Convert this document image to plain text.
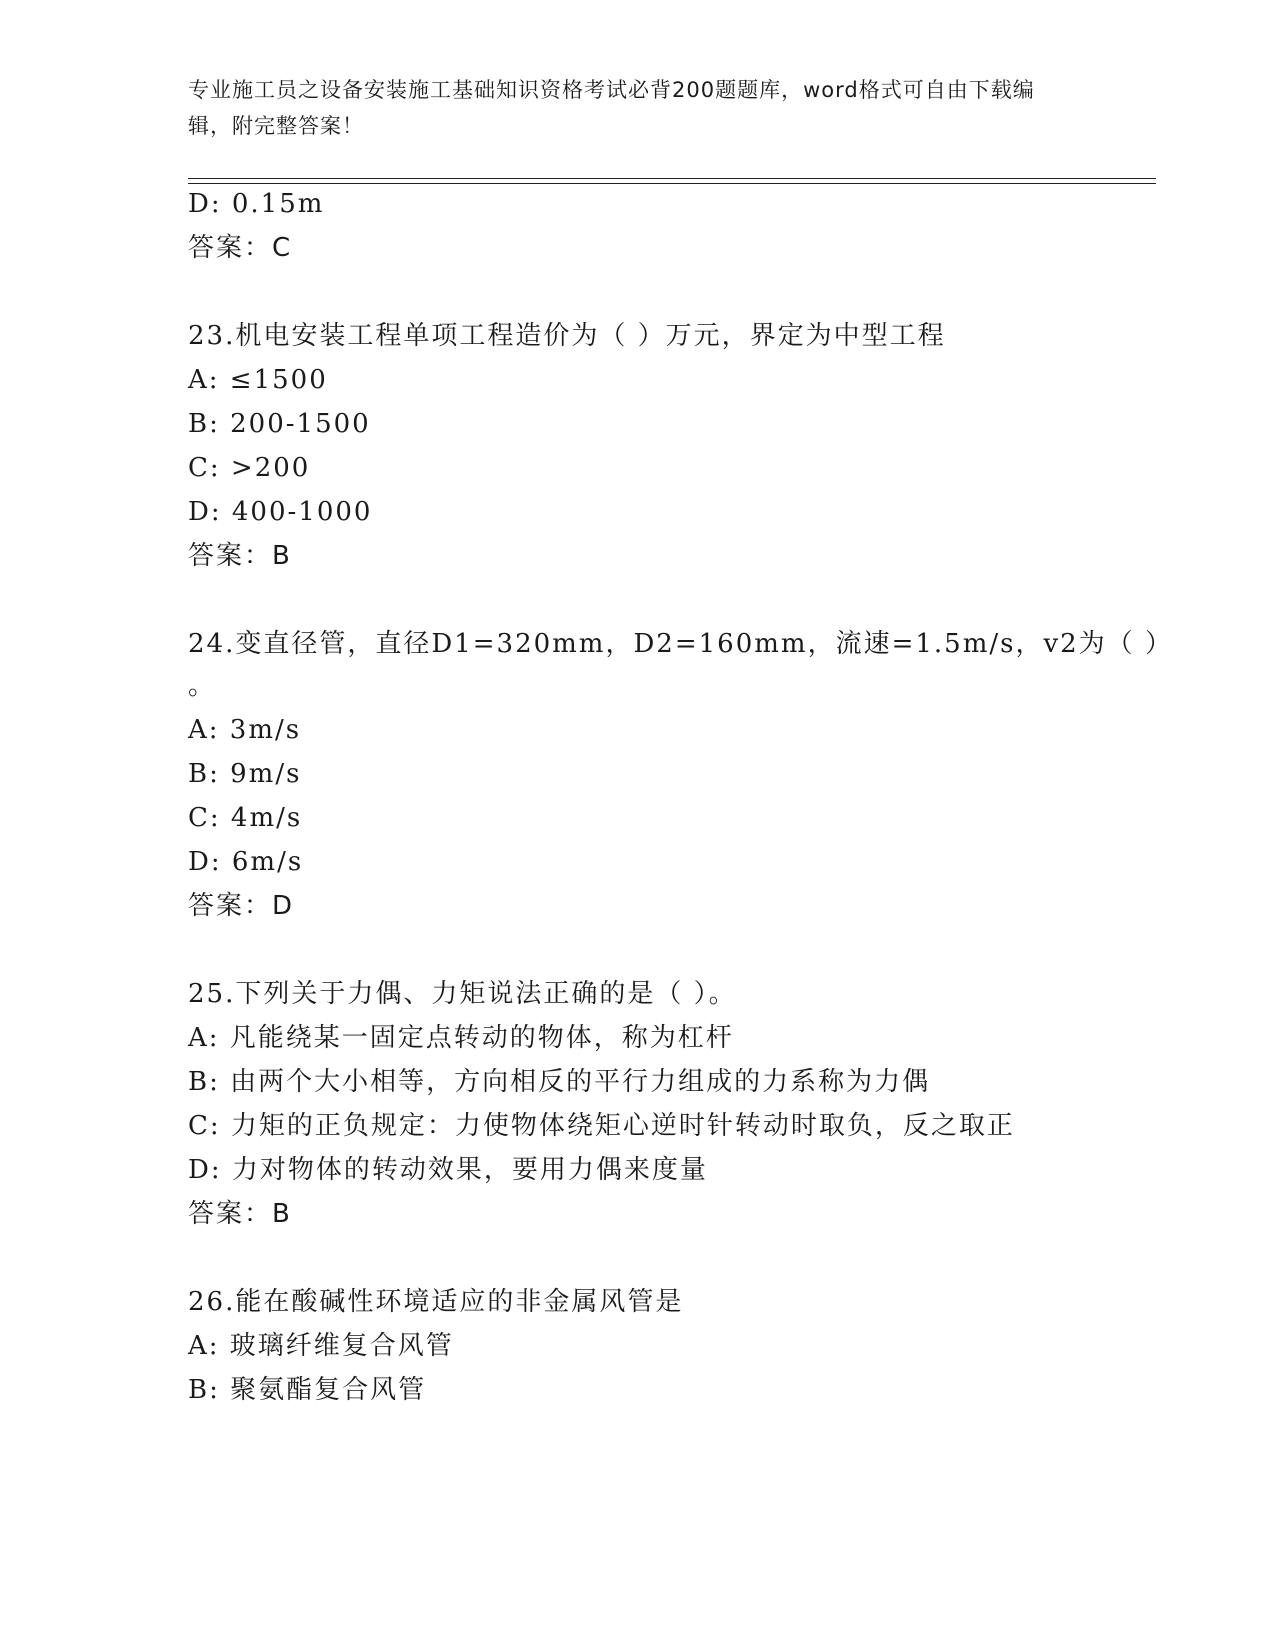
专业施工员之设备安装施工基础知识资格考试必背200题题库，word格式可自由下载编辑，附完整答案！
D: 0.15m
答案：C
23.机电安装工程单项工程造价为（ ）万元，界定为中型工程
A: ≤1500
B: 200-1500
C: >200
D: 400-1000
答案：B
24.变直径管，直径D1=320mm，D2=160mm，流速=1.5m/s，v2为（ ）
。
A: 3m/s
B: 9m/s
C: 4m/s
D: 6m/s
答案：D
25.下列关于力偶、力矩说法正确的是（ ）。
A: 凡能绕某一固定点转动的物体，称为杠杆
B: 由两个大小相等，方向相反的平行力组成的力系称为力偶
C: 力矩的正负规定：力使物体绕矩心逆时针转动时取负，反之取正
D: 力对物体的转动效果，要用力偶来度量
答案：B
26.能在酸碱性环境适应的非金属风管是
A: 玻璃纤维复合风管
B: 聚氨酯复合风管
